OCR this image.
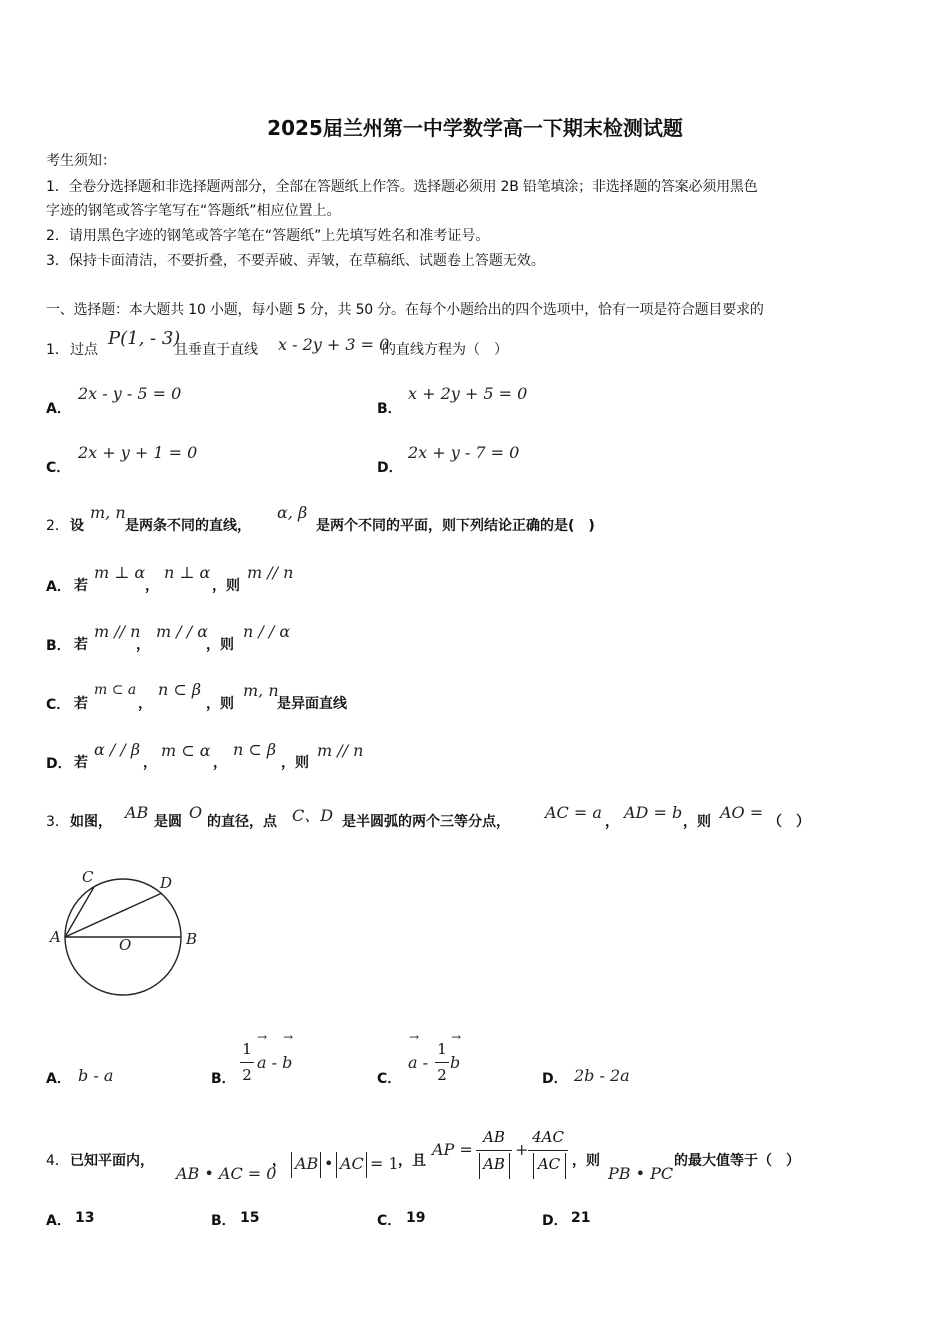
2025届兰州第一中学数学高一下期末检测试题
考生须知：
1．全卷分选择题和非选择题两部分，全部在答题纸上作答。选择题必须用 2B 铅笔填涂；非选择题的答案必须用黑色
字迹的钢笔或答字笔写在“答题纸”相应位置上。
2．请用黑色字迹的钢笔或答字笔在“答题纸”上先填写姓名和准考证号。
3．保持卡面清洁，不要折叠，不要弄破、弄皱，在草稿纸、试题卷上答题无效。
一、选择题：本大题共 10 小题，每小题 5 分，共 50 分。在每个小题给出的四个选项中，恰有一项是符合题目要求的
1． 过点
P(1, - 3)
且垂直于直线 x - 2y + 3 = 0
的直线方程为（　）
A．
2x - y - 5 = 0
B．
x + 2y + 5 = 0
C．
2x + y + 1 = 0
D．
2x + y - 7 = 0
2． 设
m, n
是两条不同的直线，
α, β
是两个不同的平面，则下列结论正确的是(　)
A． 若
m ⊥ α
，
n ⊥ α
，则
m // n
B． 若
m // n
，
m / / α
，则
n / / α
C． 若
m ⊂ a
，
n ⊂ β
，则
m, n
是异面直线
D． 若
α / / β
，
m ⊂ α
，
n ⊂ β
，则
m // n
3． 如图， AB 是圆 O 的直径，点 C、D 是半圆弧的两个三等分点， AC = a ， AD = b ，则 AO = （　）
A	B
C	D
O
A． b - a	B．
1
2
a - b
→ →
C．
a -
→
1
2
b
→
D． 2b - 2a
4． 已知平面内，
AB • AC = 0
， AB • AC = 1 ，且
AP =
AB
AB
+
4AC
AC ，则
PB • PC
的最大值等于（　）
A． 13	B． 15	C． 19	D． 21
